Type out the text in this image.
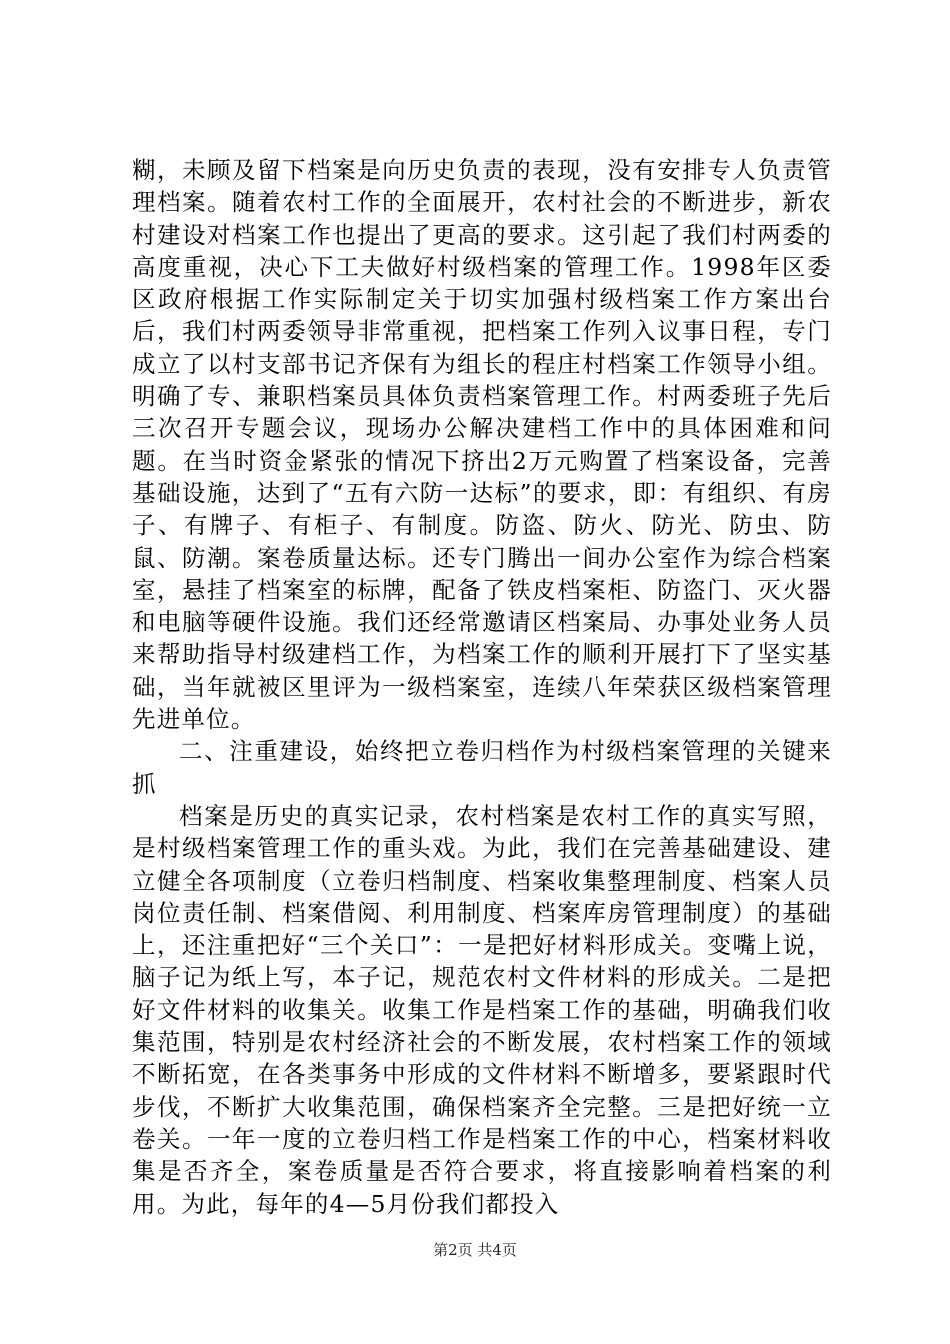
糊，未顾及留下档案是向历史负责的表现，没有安排专人负责管理档案。随着农村工作的全面展开，农村社会的不断进步，新农村建设对档案工作也提出了更高的要求。这引起了我们村两委的高度重视，决心下工夫做好村级档案的管理工作。1998年区委区政府根据工作实际制定关于切实加强村级档案工作方案出台后，我们村两委领导非常重视，把档案工作列入议事日程，专门成立了以村支部书记齐保有为组长的程庄村档案工作领导小组。明确了专、兼职档案员具体负责档案管理工作。村两委班子先后三次召开专题会议，现场办公解决建档工作中的具体困难和问题。在当时资金紧张的情况下挤出2万元购置了档案设备，完善基础设施，达到了“五有六防一达标”的要求，即：有组织、有房子、有牌子、有柜子、有制度。防盗、防火、防光、防虫、防鼠、防潮。案卷质量达标。还专门腾出一间办公室作为综合档案室，悬挂了档案室的标牌，配备了铁皮档案柜、防盗门、灭火器和电脑等硬件设施。我们还经常邀请区档案局、办事处业务人员来帮助指导村级建档工作，为档案工作的顺利开展打下了坚实基础，当年就被区里评为一级档案室，连续八年荣获区级档案管理先进单位。

二、注重建设，始终把立卷归档作为村级档案管理的关键来抓

档案是历史的真实记录，农村档案是农村工作的真实写照，是村级档案管理工作的重头戏。为此，我们在完善基础建设、建立健全各项制度（立卷归档制度、档案收集整理制度、档案人员岗位责任制、档案借阅、利用制度、档案库房管理制度）的基础上，还注重把好“三个关口”：一是把好材料形成关。变嘴上说，脑子记为纸上写，本子记，规范农村文件材料的形成关。二是把好文件材料的收集关。收集工作是档案工作的基础，明确我们收集范围，特别是农村经济社会的不断发展，农村档案工作的领域不断拓宽，在各类事务中形成的文件材料不断增多，要紧跟时代步伐，不断扩大收集范围，确保档案齐全完整。三是把好统一立卷关。一年一度的立卷归档工作是档案工作的中心，档案材料收集是否齐全，案卷质量是否符合要求，将直接影响着档案的利用。为此，每年的4—5月份我们都投入

第2页 共4页
